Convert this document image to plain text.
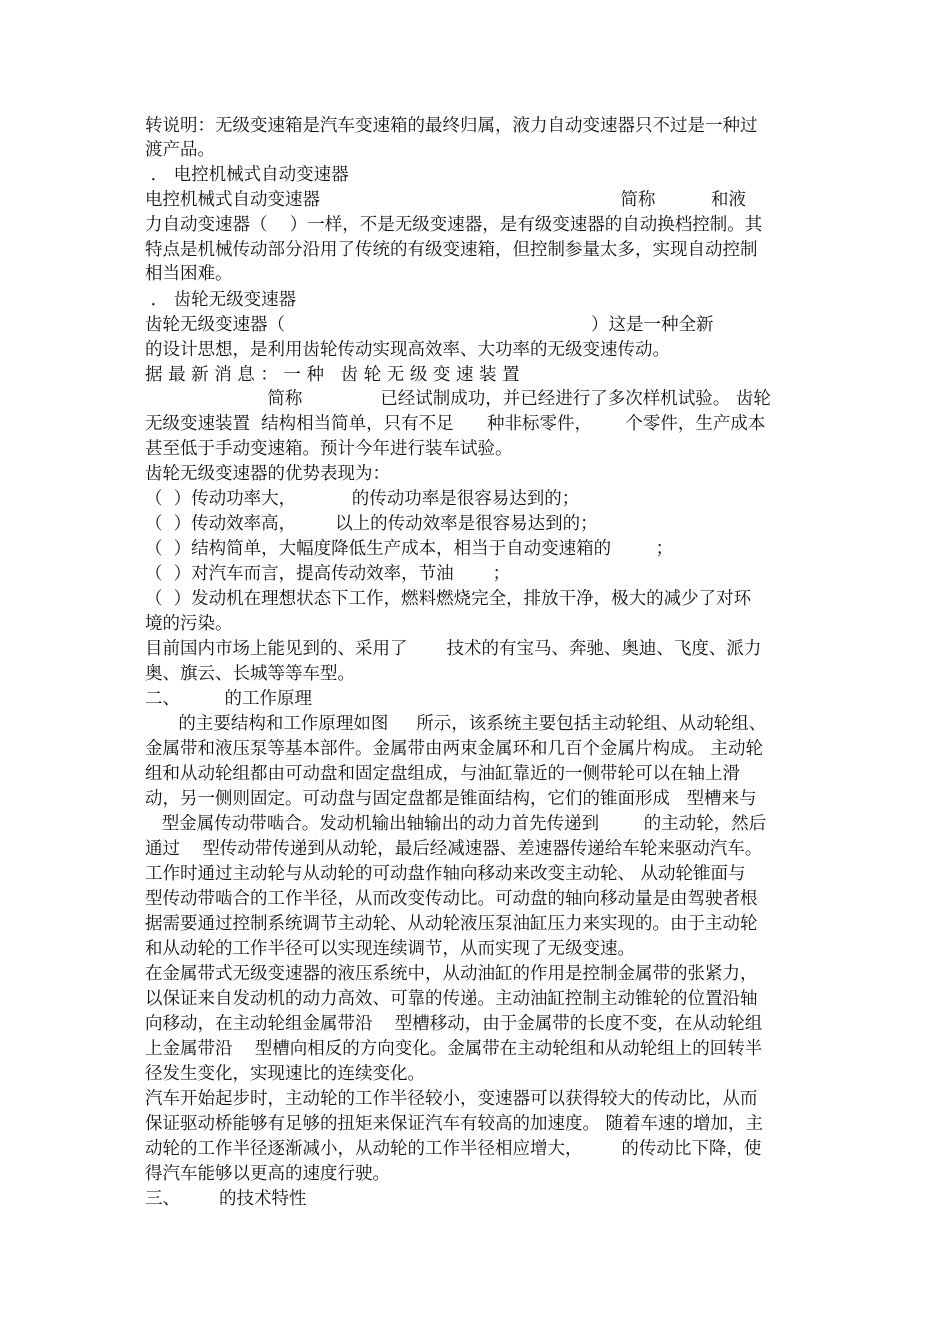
转说明：无级变速箱是汽车变速箱的最终归属，液力自动变速器只不过是一种过
渡产品。
． 电控机械式自动变速器
电控机械式自动变速器                                                      简称          和液
力自动变速器（    ）一样，不是无级变速器，是有级变速器的自动换档控制。其
特点是机械传动部分沿用了传统的有级变速箱，但控制参量太多，实现自动控制
相当困难。
． 齿轮无级变速器
齿轮无级变速器（                                                       ）这是一种全新
的设计思想，是利用齿轮传动实现高效率、大功率的无级变速传动。
据 最 新 消 息 ： 一 种   齿 轮 无 级 变 速 装 置
简称              已经试制成功，并已经进行了多次样机试验。 齿轮
无级变速装置  结构相当简单，只有不足      种非标零件，      个零件，生产成本
甚至低于手动变速箱。预计今年进行装车试验。
齿轮无级变速器的优势表现为：
（  ）传动功率大，          的传动功率是很容易达到的；
（  ）传动效率高，       以上的传动效率是很容易达到的；
（  ）结构简单，大幅度降低生产成本，相当于自动变速箱的        ；
（  ）对汽车而言，提高传动效率，节油       ；
（  ）发动机在理想状态下工作，燃料燃烧完全，排放干净，极大的减少了对环
境的污染。
目前国内市场上能见到的、采用了       技术的有宝马、奔驰、奥迪、飞度、派力
奥、旗云、长城等等车型。
二、        的工作原理
的主要结构和工作原理如图     所示，该系统主要包括主动轮组、从动轮组、
金属带和液压泵等基本部件。金属带由两束金属环和几百个金属片构成。 主动轮
组和从动轮组都由可动盘和固定盘组成，与油缸靠近的一侧带轮可以在轴上滑
动，另一侧则固定。可动盘与固定盘都是锥面结构，它们的锥面形成   型槽来与
型金属传动带啮合。发动机输出轴输出的动力首先传递到        的主动轮，然后
通过    型传动带传递到从动轮，最后经减速器、差速器传递给车轮来驱动汽车。
工作时通过主动轮与从动轮的可动盘作轴向移动来改变主动轮、 从动轮锥面与
型传动带啮合的工作半径，从而改变传动比。可动盘的轴向移动量是由驾驶者根
据需要通过控制系统调节主动轮、从动轮液压泵油缸压力来实现的。由于主动轮
和从动轮的工作半径可以实现连续调节，从而实现了无级变速。
在金属带式无级变速器的液压系统中，从动油缸的作用是控制金属带的张紧力，
以保证来自发动机的动力高效、可靠的传递。主动油缸控制主动锥轮的位置沿轴
向移动，在主动轮组金属带沿    型槽移动，由于金属带的长度不变，在从动轮组
上金属带沿    型槽向相反的方向变化。金属带在主动轮组和从动轮组上的回转半
径发生变化，实现速比的连续变化。
汽车开始起步时，主动轮的工作半径较小，变速器可以获得较大的传动比，从而
保证驱动桥能够有足够的扭矩来保证汽车有较高的加速度。 随着车速的增加，主
动轮的工作半径逐渐减小，从动轮的工作半径相应增大，       的传动比下降，使
得汽车能够以更高的速度行驶。
三、       的技术特性
